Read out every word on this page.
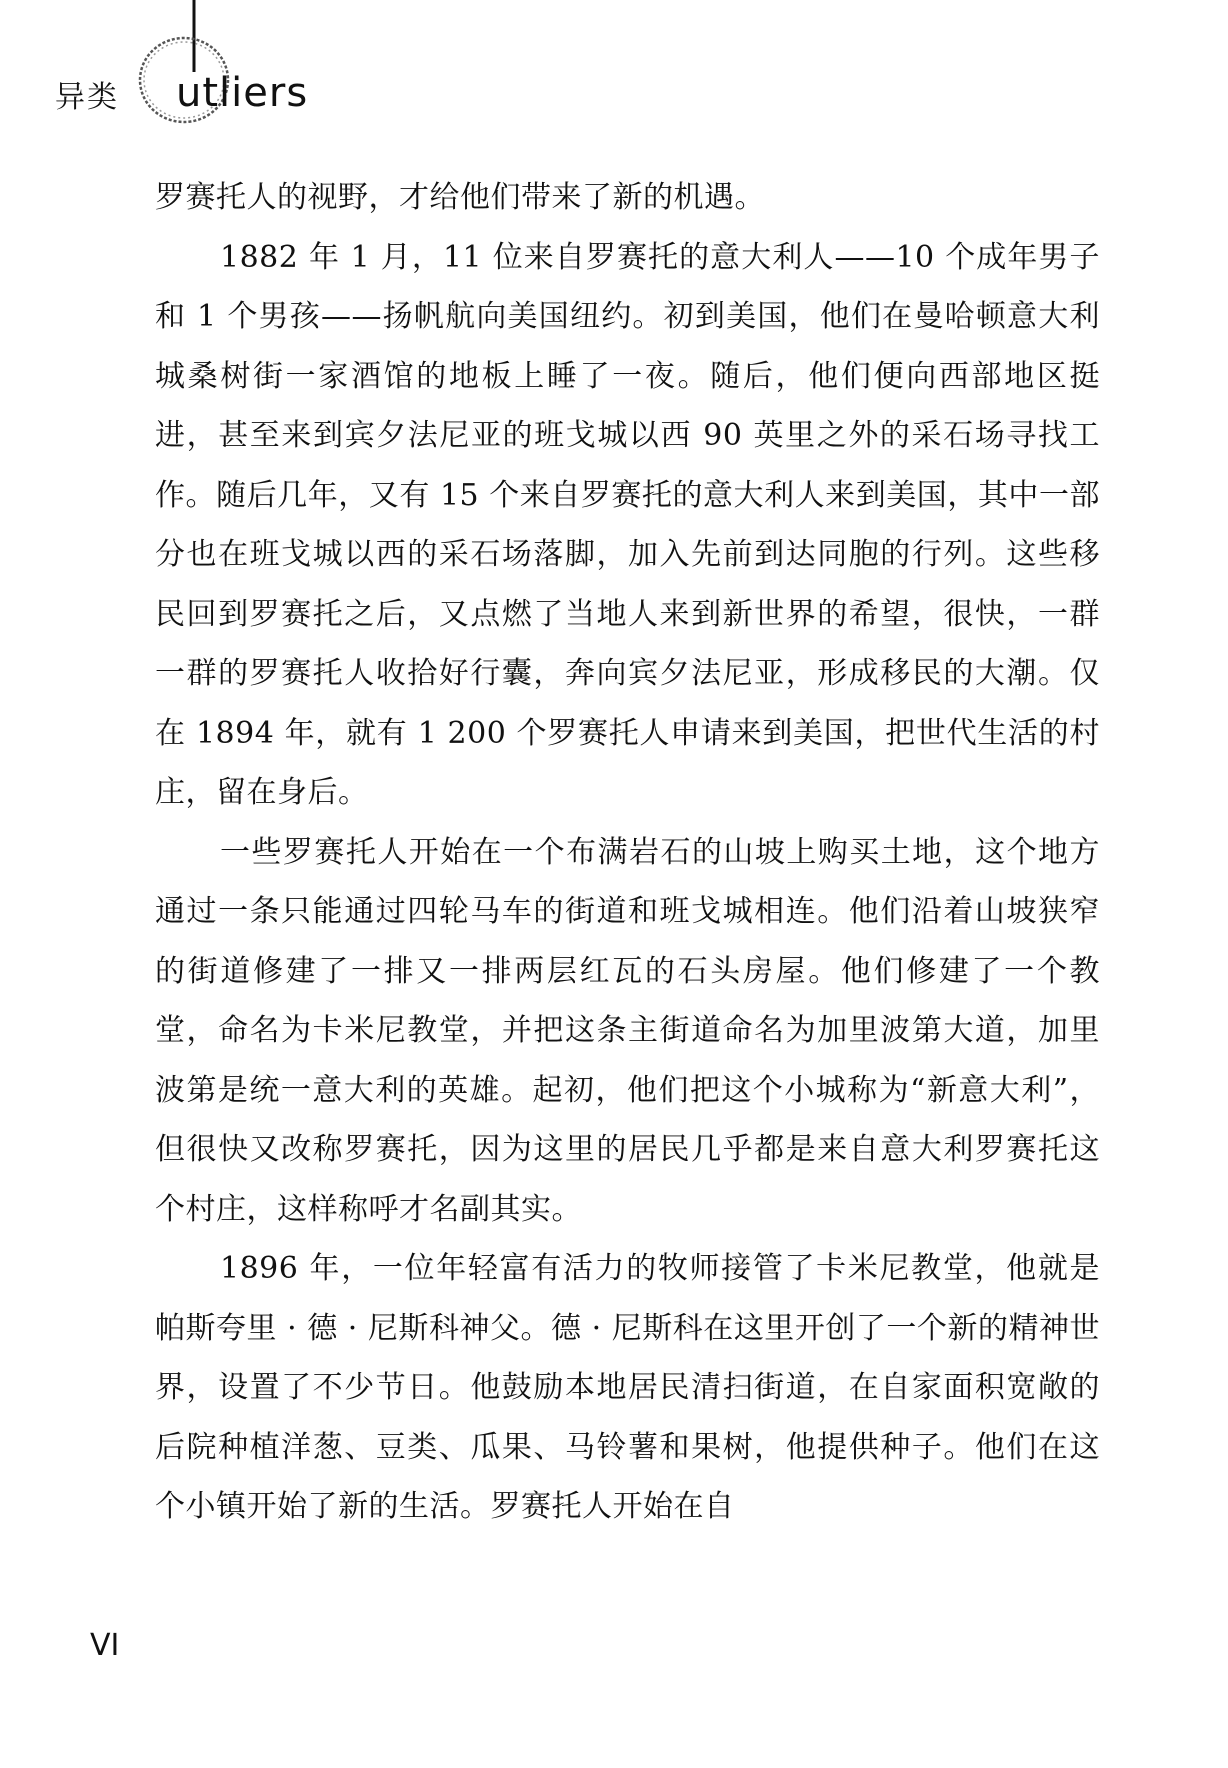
异类 utliers

罗赛托人的视野，才给他们带来了新的机遇。

1882 年 1 月，11 位来自罗赛托的意大利人——10 个成年男子和 1 个男孩——扬帆航向美国纽约。初到美国，他们在曼哈顿意大利城桑树街一家酒馆的地板上睡了一夜。随后，他们便向西部地区挺进，甚至来到宾夕法尼亚的班戈城以西 90 英里之外的采石场寻找工作。随后几年，又有 15 个来自罗赛托的意大利人来到美国，其中一部分也在班戈城以西的采石场落脚，加入先前到达同胞的行列。这些移民回到罗赛托之后，又点燃了当地人来到新世界的希望，很快，一群一群的罗赛托人收拾好行囊，奔向宾夕法尼亚，形成移民的大潮。仅在 1894 年，就有 1 200 个罗赛托人申请来到美国，把世代生活的村庄，留在身后。

一些罗赛托人开始在一个布满岩石的山坡上购买土地，这个地方通过一条只能通过四轮马车的街道和班戈城相连。他们沿着山坡狭窄的街道修建了一排又一排两层红瓦的石头房屋。他们修建了一个教堂，命名为卡米尼教堂，并把这条主街道命名为加里波第大道，加里波第是统一意大利的英雄。起初，他们把这个小城称为“新意大利”，但很快又改称罗赛托，因为这里的居民几乎都是来自意大利罗赛托这个村庄，这样称呼才名副其实。

1896 年，一位年轻富有活力的牧师接管了卡米尼教堂，他就是帕斯夸里 · 德 · 尼斯科神父。德 · 尼斯科在这里开创了一个新的精神世界，设置了不少节日。他鼓励本地居民清扫街道，在自家面积宽敞的后院种植洋葱、豆类、瓜果、马铃薯和果树，他提供种子。他们在这个小镇开始了新的生活。罗赛托人开始在自

VI
